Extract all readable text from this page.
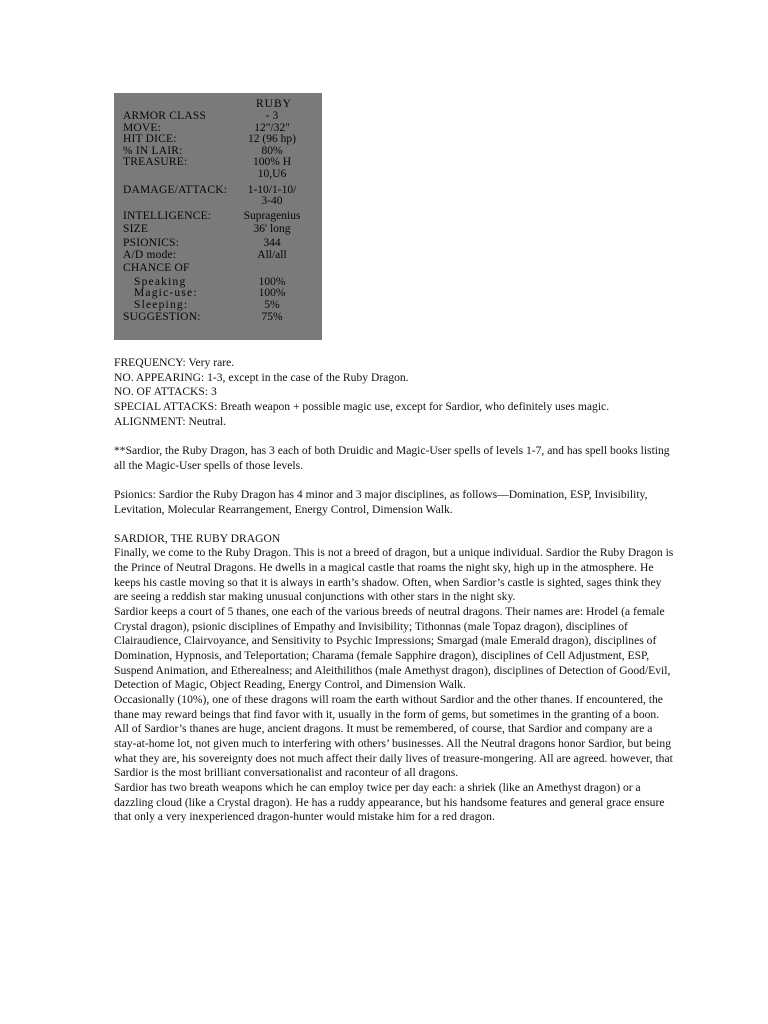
RUBY
ARMOR CLASS	- 3
MOVE:	12"/32"
HIT DICE:	12 (96 hp)
% IN LAIR:	80%
TREASURE:	100% H
10,U6
DAMAGE/ATTACK:	1-10/1-10/
3-40
INTELLIGENCE:	Supragenius
SIZE	36' long
PSIONICS:	344
A/D mode:	All/all
CHANCE OF
Speaking	100%
Magic-use:	100%
Sleeping:	5%
SUGGESTION:	75%

FREQUENCY: Very rare.

NO. APPEARING: 1-3, except in the case of the Ruby Dragon.

NO. OF ATTACKS: 3

SPECIAL ATTACKS: Breath weapon + possible magic use, except for Sardior, who definitely uses magic.

ALIGNMENT: Neutral.

**Sardior, the Ruby Dragon, has 3 each of both Druidic and Magic-User spells of levels 1-7, and has spell books listing all the Magic-User spells of those levels.

Psionics: Sardior the Ruby Dragon has 4 minor and 3 major disciplines, as follows—Domination, ESP, Invisibility, Levitation, Molecular Rearrangement, Energy Control, Dimension Walk.

SARDIOR, THE RUBY DRAGON

Finally, we come to the Ruby Dragon. This is not a breed of dragon, but a unique individual. Sardior the Ruby Dragon is the Prince of Neutral Dragons. He dwells in a magical castle that roams the night sky, high up in the atmosphere. He keeps his castle moving so that it is always in earth’s shadow. Often, when Sardior’s castle is sighted, sages think they are seeing a reddish star making unusual conjunctions with other stars in the night sky.

Sardior keeps a court of 5 thanes, one each of the various breeds of neutral dragons. Their names are: Hrodel (a female Crystal dragon), psionic disciplines of Empathy and Invisibility; Tithonnas (male Topaz dragon), disciplines of Clairaudience, Clairvoyance, and Sensitivity to Psychic Impressions; Smargad (male Emerald dragon), disciplines of Domination, Hypnosis, and Teleportation; Charama (female Sapphire dragon), disciplines of Cell Adjustment, ESP, Suspend Animation, and Etherealness; and Aleithilithos (male Amethyst dragon), disciplines of Detection of Good/Evil, Detection of Magic, Object Reading, Energy Control, and Dimension Walk.

Occasionally (10%), one of these dragons will roam the earth without Sardior and the other thanes. If encountered, the thane may reward beings that find favor with it, usually in the form of gems, but sometimes in the granting of a boon.

All of Sardior’s thanes are huge, ancient dragons. It must be remembered, of course, that Sardior and company are a stay-at-home lot, not given much to interfering with others’ businesses. All the Neutral dragons honor Sardior, but being what they are, his sovereignty does not much affect their daily lives of treasure-mongering. All are agreed. however, that Sardior is the most brilliant conversationalist and raconteur of all dragons.

Sardior has two breath weapons which he can employ twice per day each: a shriek (like an Amethyst dragon) or a dazzling cloud (like a Crystal dragon). He has a ruddy appearance, but his handsome features and general grace ensure that only a very inexperienced dragon-hunter would mistake him for a red dragon.
